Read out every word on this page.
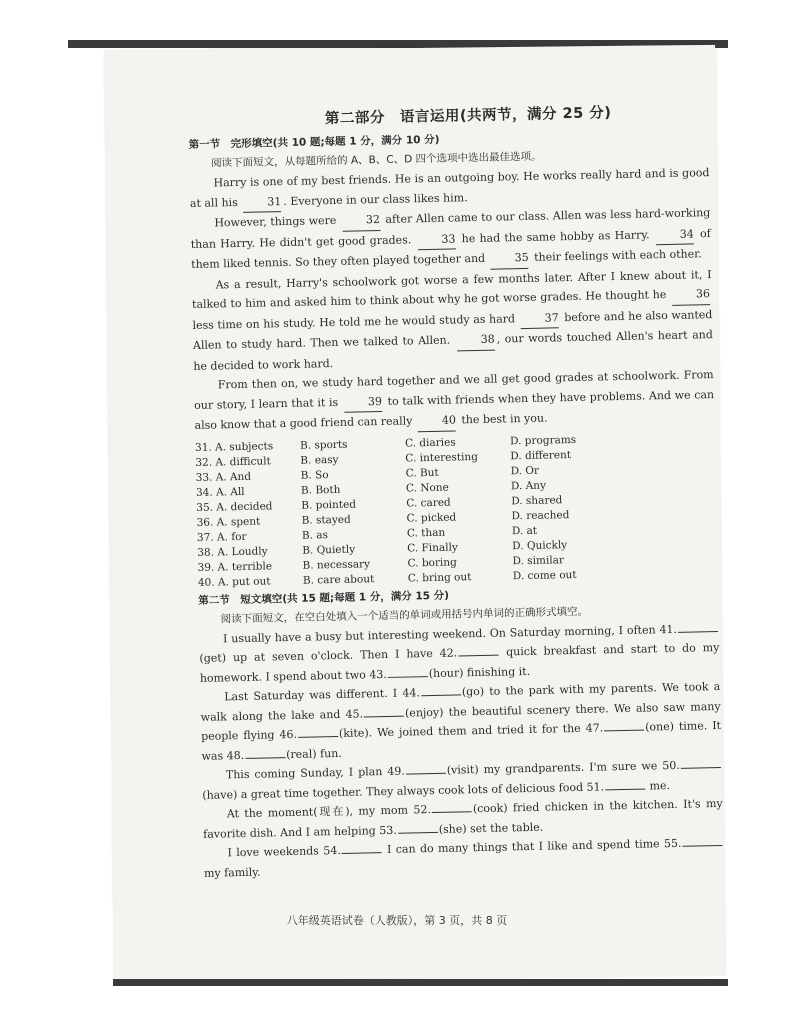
第二部分　语言运用(共两节，满分 25 分)
第一节　完形填空(共 10 题;每题 1 分，满分 10 分)
阅读下面短文，从每题所给的 A、B、C、D 四个选项中选出最佳选项。

Harry is one of my best friends. He is an outgoing boy. He works really hard and is good at all his 31 . Everyone in our class likes him.

However, things were 32 after Allen came to our class. Allen was less hard-working than Harry. He didn't get good grades. 33 he had the same hobby as Harry. 34 of them liked tennis. So they often played together and 35 their feelings with each other.

As a result, Harry's schoolwork got worse a few months later. After I knew about it, I talked to him and asked him to think about why he got worse grades. He thought he 36 less time on his study. He told me he would study as hard 37 before and he also wanted Allen to study hard. Then we talked to Allen. 38 , our words touched Allen's heart and he decided to work hard.

From then on, we study hard together and we all get good grades at schoolwork. From our story, I learn that it is 39 to talk with friends when they have problems. And we can also know that a good friend can really 40 the best in you.

31. A. subjects	B. sports	C. diaries	D. programs
32. A. difficult	B. easy	C. interesting	D. different
33. A. And	B. So	C. But	D. Or
34. A. All	B. Both	C. None	D. Any
35. A. decided	B. pointed	C. cared	D. shared
36. A. spent	B. stayed	C. picked	D. reached
37. A. for	B. as	C. than	D. at
38. A. Loudly	B. Quietly	C. Finally	D. Quickly
39. A. terrible	B. necessary	C. boring	D. similar
40. A. put out	B. care about	C. bring out	D. come out
第二节　短文填空(共 15 题;每题 1 分，满分 15 分)
阅读下面短文，在空白处填入一个适当的单词或用括号内单词的正确形式填空。

I usually have a busy but interesting weekend. On Saturday morning, I often 41.(get) up at seven o'clock. Then I have 42.	quick breakfast and start to do my homework. I spend about two 43.	(hour) finishing it.

Last Saturday was different. I 44.	(go) to the park with my parents. We took a walk along the lake and 45.	(enjoy) the beautiful scenery there. We also saw many people flying 46.	(kite). We joined them and tried it for the 47.	(one) time. It was 48.	(real) fun.

This coming Sunday, I plan 49.	(visit) my grandparents. I'm sure we 50.(have) a great time together. They always cook lots of delicious food 51.	me.

At the moment(现在), my mom 52.	(cook) fried chicken in the kitchen. It's my favorite dish. And I am helping 53.	(she) set the table.

I love weekends 54.	I can do many things that I like and spend time 55. my family.

八年级英语试卷（人教版），第 3 页，共 8 页
